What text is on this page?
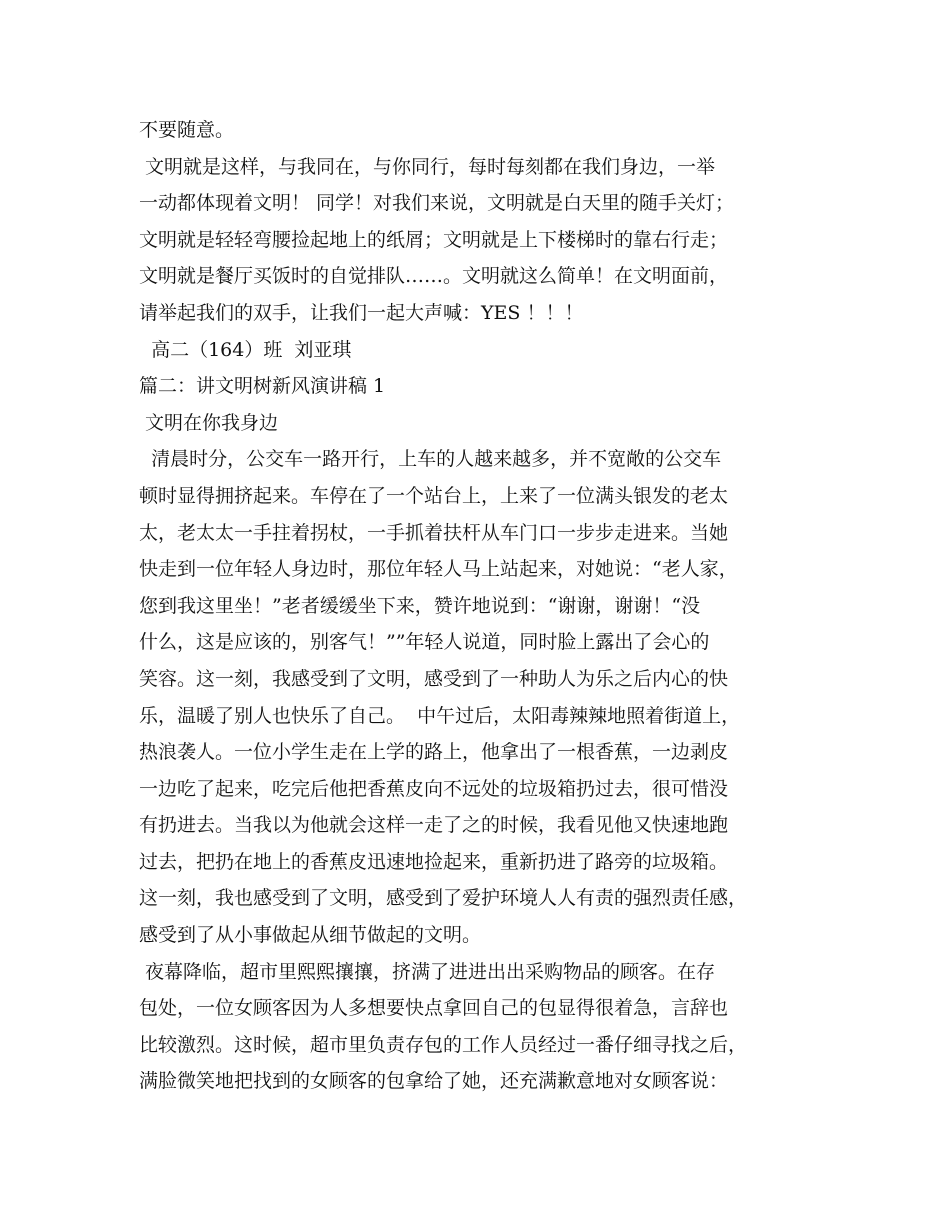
不要随意。
文明就是这样，与我同在，与你同行，每时每刻都在我们身边，一举
一动都体现着文明！ 同学！对我们来说，文明就是白天里的随手关灯；
文明就是轻轻弯腰捡起地上的纸屑；文明就是上下楼梯时的靠右行走；
文明就是餐厅买饭时的自觉排队……。文明就这么简单！在文明面前，
请举起我们的双手，让我们一起大声喊：YES ！！！
高二（164）班  刘亚琪
篇二：讲文明树新风演讲稿 1
文明在你我身边
清晨时分，公交车一路开行，上车的人越来越多，并不宽敞的公交车
顿时显得拥挤起来。车停在了一个站台上，上来了一位满头银发的老太
太，老太太一手拄着拐杖，一手抓着扶杆从车门口一步步走进来。当她
快走到一位年轻人身边时，那位年轻人马上站起来，对她说：“老人家，
您到我这里坐！”老者缓缓坐下来，赞许地说到：“谢谢，谢谢！“没
什么，这是应该的，别客气！””年轻人说道，同时脸上露出了会心的
笑容。这一刻，我感受到了文明，感受到了一种助人为乐之后内心的快
乐，温暖了别人也快乐了自己。  中午过后，太阳毒辣辣地照着街道上，
热浪袭人。一位小学生走在上学的路上，他拿出了一根香蕉，一边剥皮
一边吃了起来，吃完后他把香蕉皮向不远处的垃圾箱扔过去，很可惜没
有扔进去。当我以为他就会这样一走了之的时候，我看见他又快速地跑
过去，把扔在地上的香蕉皮迅速地捡起来，重新扔进了路旁的垃圾箱。
这一刻，我也感受到了文明，感受到了爱护环境人人有责的强烈责任感，
感受到了从小事做起从细节做起的文明。
夜幕降临，超市里熙熙攘攘，挤满了进进出出采购物品的顾客。在存
包处，一位女顾客因为人多想要快点拿回自己的包显得很着急，言辞也
比较激烈。这时候，超市里负责存包的工作人员经过一番仔细寻找之后，
满脸微笑地把找到的女顾客的包拿给了她，还充满歉意地对女顾客说：
